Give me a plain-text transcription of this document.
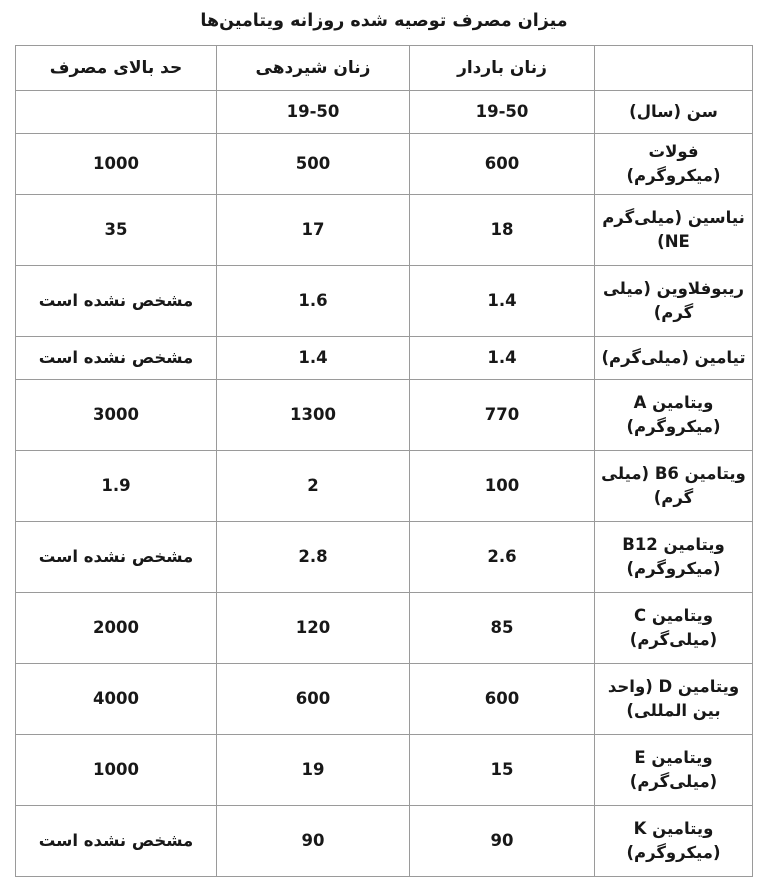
میزان مصرف توصیه شده روزانه ویتامین‌ها			
	زنان باردار	زنان شیردهی	حد بالای مصرف
سن (سال)	19-50	19-50	
فولات (میکروگرم)	600	500	1000
نیاسین (میلی‌گرم NE)	18	17	35
ریبوفلاوین (میلی گرم)	1.4	1.6	مشخص نشده است
تیامین (میلی‌گرم)	1.4	1.4	مشخص نشده است
ویتامین A (میکروگرم)	770	1300	3000
ویتامین B6 (میلی گرم)	100	2	1.9
ویتامین B12 (میکروگرم)	2.6	2.8	مشخص نشده است
ویتامین C (میلی‌گرم)	85	120	2000
ویتامین D (واحد بین المللی)	600	600	4000
ویتامین E (میلی‌گرم)	15	19	1000
ویتامین K (میکروگرم)	90	90	مشخص نشده است
